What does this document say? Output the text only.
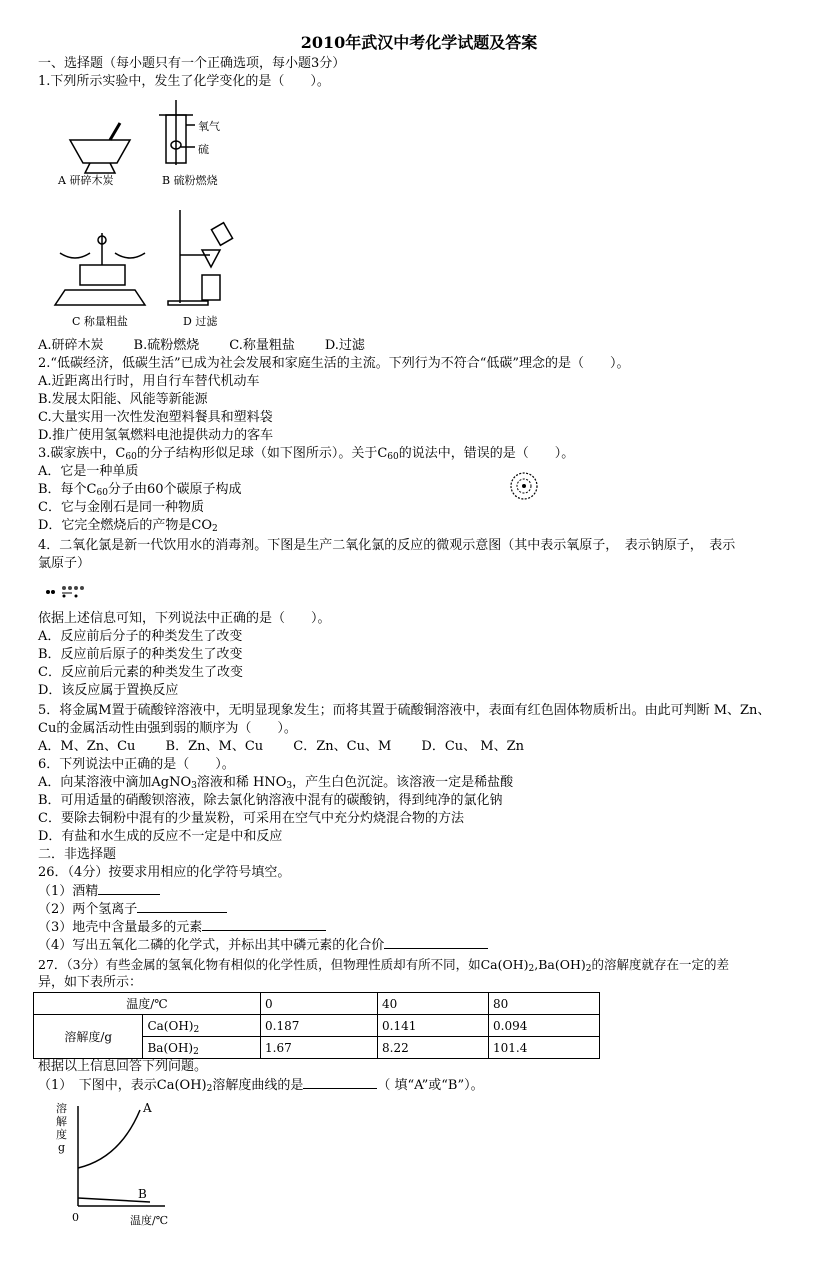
2010年武汉中考化学试题及答案
一、选择题（每小题只有一个正确选项，每小题3分）
1.下列所示实验中，发生了化学变化的是（　　）。
氧气
硫
A 研碎木炭	B 硫粉燃烧
C 称量粗盐	D 过滤
A.研碎木炭 B.硫粉燃烧 C.称量粗盐 D.过滤
2.“低碳经济，低碳生活”已成为社会发展和家庭生活的主流。下列行为不符合“低碳”理念的是（　　）。
A.近距离出行时，用自行车替代机动车
B.发展太阳能、风能等新能源
C.大量实用一次性发泡塑料餐具和塑料袋
D.推广使用氢氧燃料电池提供动力的客车
3.碳家族中，$C_{60}$的分子结构形似足球（如下图所示）。关于$C_{60}$的说法中，错误的是（　　）。
A．它是一种单质
B．每个$C_{60}$分子由60个碳原子构成
C．它与金刚石是同一种物质
D．它完全燃烧后的产物是$CO_2$
4．二氧化氯是新一代饮用水的消毒剂。下图是生产二氧化氯的反应的微观示意图（其中表示氧原子，　表示钠原子，　表示
氯原子）
依据上述信息可知，下列说法中正确的是（　　）。
A．反应前后分子的种类发生了改变
B．反应前后原子的种类发生了改变
C．反应前后元素的种类发生了改变
D．该反应属于置换反应
5．将金属M置于硫酸锌溶液中，无明显现象发生；而将其置于硫酸铜溶液中，表面有红色固体物质析出。由此可判断 M、Zn、
Cu的金属活动性由强到弱的顺序为（　　）。
A．M、Zn、Cu　　 B．Zn、M、Cu　　 C．Zn、Cu、M　　 D．Cu、 M、Zn
6．下列说法中正确的是（　　）。
A．向某溶液中滴加AgNO$_3$溶液和稀 $HNO_3$，产生白色沉淀。该溶液一定是稀盐酸
B．可用适量的硝酸钡溶液，除去氯化钠溶液中混有的碳酸钠，得到纯净的氯化钠
C．要除去铜粉中混有的少量炭粉，可采用在空气中充分灼烧混合物的方法
D．有盐和水生成的反应不一定是中和反应
二．非选择题
26．（4分）按要求用相应的化学符号填空。
（1）酒精
（2）两个氢离子
（3）地壳中含量最多的元素
（4）写出五氧化二磷的化学式，并标出其中磷元素的化合价
27．（3分）有些金属的氢氧化物有相似的化学性质，但物理性质却有所不同，如$Ca(OH)_2,Ba(OH)_2$的溶解度就存在一定的差
异，如下表所示：
温度/℃		0	40	80
溶解度/g	$Ca(OH)_2$	0.187	0.141	0.094
	$Ba(OH)_2$	1.67	8.22	101.4
根据以上信息回答下列问题。
（1）　下图中，表示$Ca(OH)_2$溶解度曲线的是	（ 填“A”或“B”）。
溶
解
度
g
A
B
0	温度/℃
